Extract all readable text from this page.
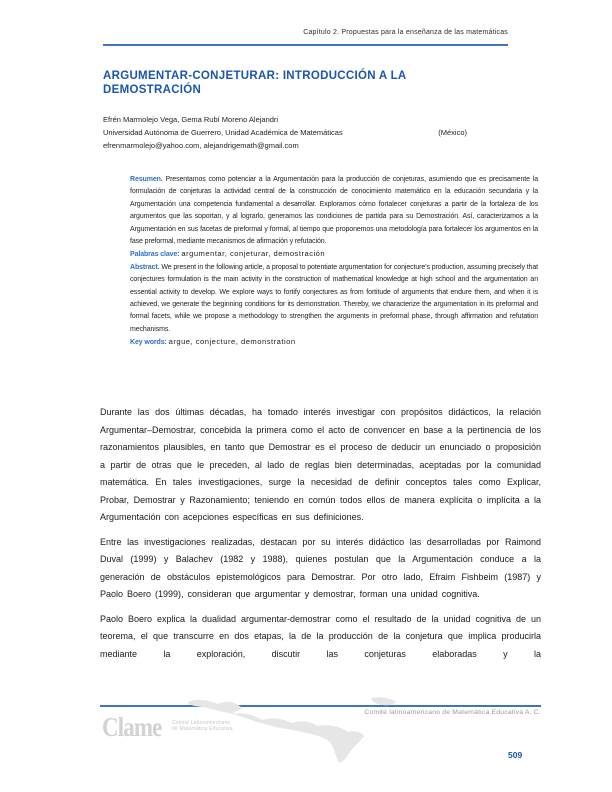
Capítulo 2. Propuestas para la enseñanza de las matemáticas
ARGUMENTAR-CONJETURAR: INTRODUCCIÓN A LA DEMOSTRACIÓN
Efrén Marmolejo Vega, Gema Rubí Moreno Alejandri
Universidad Autónoma de Guerrero, Unidad Académica de Matemáticas	(México)
efrenmarmolejo@yahoo.com, alejandrigemath@gmail.com

Resumen. Presentamos como potenciar a la Argumentación para la producción de conjeturas, asumiendo que es precisamente la formulación de conjeturas la actividad central de la construcción de conocimiento matemático en la educación secundaria y la Argumentación una competencia fundamental a desarrollar. Exploramos cómo fortalecer conjeturas a partir de la fortaleza de los argumentos que las soportan, y al lograrlo, generamos las condiciones de partida para su Demostración. Así, caracterizamos a la Argumentación en sus facetas de preformal y formal, al tiempo que proponemos una metodología para fortalecer los argumentos en la fase preformal, mediante mecanismos de afirmación y refutación.

Palabras clave: argumentar, conjeturar, demostración

Abstract. We present in the following article, a proposal to potentiate argumentation for conjecture's production, assuming precisely that conjectures formulation is the main activity in the construction of mathematical knowledge at high school and the argumentation an essential activity to develop. We explore ways to fortify conjectures as from fortitude of arguments that endure them, and when it is achieved, we generate the beginning conditions for its demonstration. Thereby, we characterize the argumentation in its preformal and formal facets, while we propose a methodology to strengthen the arguments in preformal phase, through affirmation and refutation mechanisms.

Key words: argue, conjecture, demonstration

Durante las dos últimas décadas, ha tomado interés investigar con propósitos didácticos, la relación Argumentar–Demostrar, concebida la primera como el acto de convencer en base a la pertinencia de los razonamientos plausibles, en tanto que Demostrar es el proceso de deducir un enunciado o proposición a partir de otras que le preceden, al lado de reglas bien determinadas, aceptadas por la comunidad matemática. En tales investigaciones, surge la necesidad de definir conceptos tales como Explicar, Probar, Demostrar y Razonamiento; teniendo en común todos ellos de manera explícita o implícita a la Argumentación con acepciones específicas en sus definiciones.

Entre las investigaciones realizadas, destacan por su interés didáctico las desarrolladas por Raimond Duval (1999) y Balachev (1982 y 1988), quienes postulan que la Argumentación conduce a la generación de obstáculos epistemológicos para Demostrar. Por otro lado, Efraim Fishbeim (1987) y Paolo Boero (1999), consideran que argumentar y demostrar, forman una unidad cognitiva.

Paolo Boero explica la dualidad argumentar-demostrar como el resultado de la unidad cognitiva de un teorema, el que transcurre en dos etapas, la de la producción de la conjetura que implica producirla mediante la exploración, discutir las conjeturas elaboradas y la

Comité latinoamericano de Matemática Educativa A. C.
Clame Comité Latinoamericano
de Matemática Educativa
509
